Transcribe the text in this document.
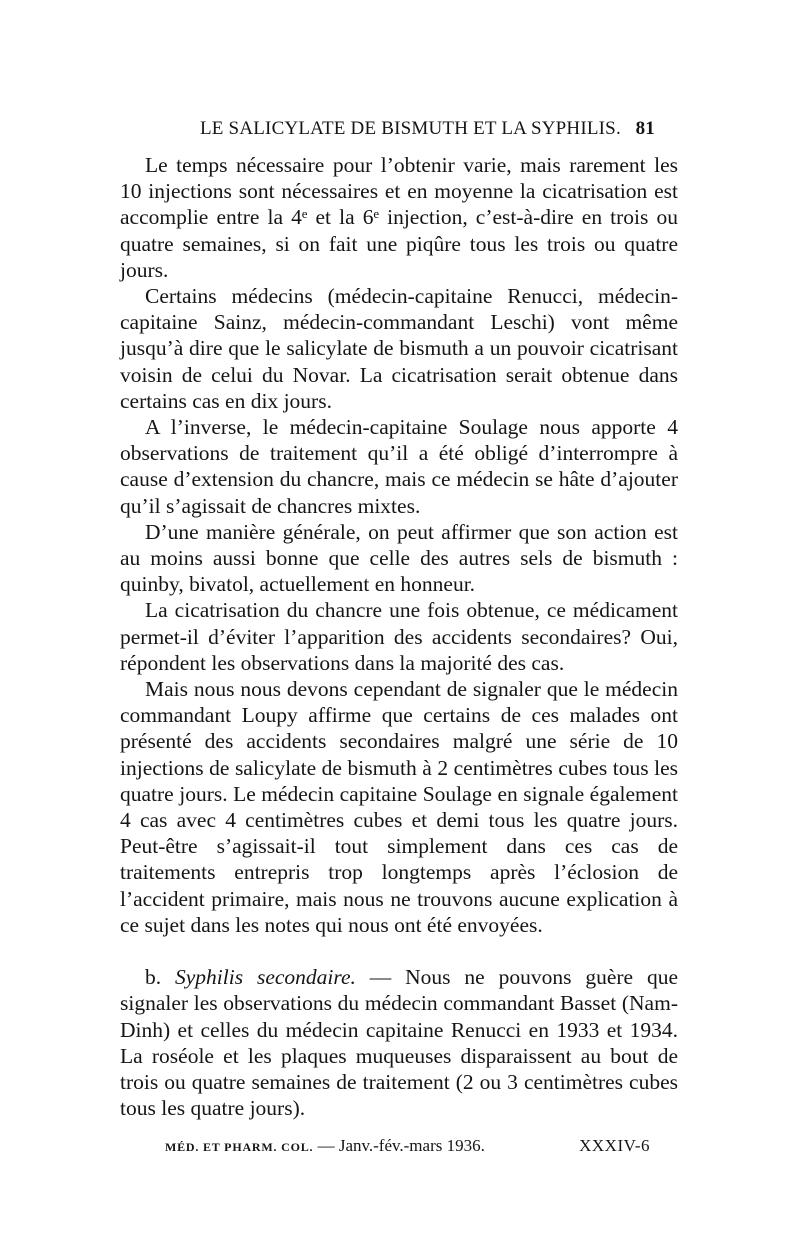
LE SALICYLATE DE BISMUTH ET LA SYPHILIS. 81

Le temps nécessaire pour l’obtenir varie, mais rarement les 10 injections sont nécessaires et en moyenne la cicatrisation est accomplie entre la 4ᵉ et la 6ᵉ injection, c’est-à-dire en trois ou quatre semaines, si on fait une piqûre tous les trois ou quatre jours.

Certains médecins (médecin-capitaine Renucci, médecin-capitaine Sainz, médecin-commandant Leschi) vont même jusqu’à dire que le salicylate de bismuth a un pouvoir cicatrisant voisin de celui du Novar. La cicatrisation serait obtenue dans certains cas en dix jours.

A l’inverse, le médecin-capitaine Soulage nous apporte 4 observations de traitement qu’il a été obligé d’interrompre à cause d’extension du chancre, mais ce médecin se hâte d’ajouter qu’il s’agissait de chancres mixtes.

D’une manière générale, on peut affirmer que son action est au moins aussi bonne que celle des autres sels de bismuth : quinby, bivatol, actuellement en honneur.

La cicatrisation du chancre une fois obtenue, ce médicament permet-il d’éviter l’apparition des accidents secondaires? Oui, répondent les observations dans la majorité des cas.

Mais nous nous devons cependant de signaler que le médecin commandant Loupy affirme que certains de ces malades ont présenté des accidents secondaires malgré une série de 10 injections de salicylate de bismuth à 2 centimètres cubes tous les quatre jours. Le médecin capitaine Soulage en signale également 4 cas avec 4 centimètres cubes et demi tous les quatre jours. Peut-être s’agissait-il tout simplement dans ces cas de traitements entrepris trop longtemps après l’éclosion de l’accident primaire, mais nous ne trouvons aucune explication à ce sujet dans les notes qui nous ont été envoyées.

b. Syphilis secondaire. — Nous ne pouvons guère que signaler les observations du médecin commandant Basset (Nam-Dinh) et celles du médecin capitaine Renucci en 1933 et 1934. La roséole et les plaques muqueuses disparaissent au bout de trois ou quatre semaines de traitement (2 ou 3 centimètres cubes tous les quatre jours).

MÉD. ET PHARM. COL. — Janv.-fév.-mars 1936.	XXXIV-6
